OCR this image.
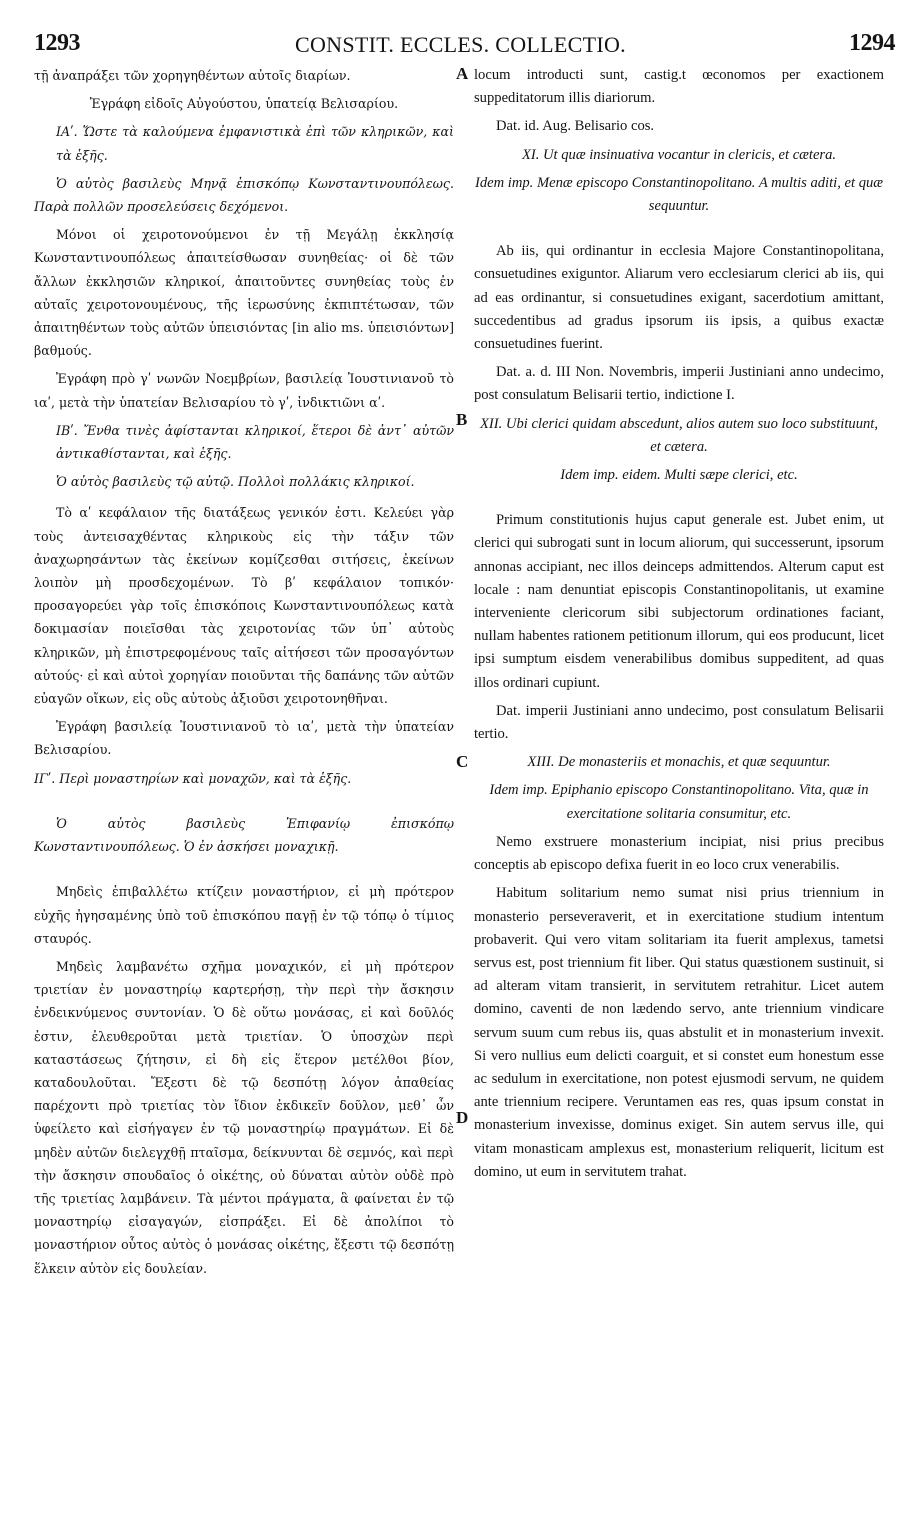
1293	CONSTIT. ECCLES. COLLECTIO.	1294
A
B
C
D

τῇ ἀναπράξει τῶν χορηγηθέντων αὐτοῖς διαρίων.

Ἐγράφη εἰδοῖς Αὐγούστου, ὑπατείᾳ Βελισαρίου.

ΙΑʹ. Ὥστε τὰ καλούμενα ἐμφανιστικὰ ἐπὶ τῶν κληρικῶν, καὶ τὰ ἑξῆς.

Ὁ αὐτὸς βασιλεὺς Μηνᾷ ἐπισκόπῳ Κωνσταντινουπόλεως. Παρὰ πολλῶν προσελεύσεις δεχόμενοι.

Μόνοι οἱ χειροτονούμενοι ἐν τῇ Μεγάλῃ ἐκκλησίᾳ Κωνσταντινουπόλεως ἀπαιτείσθωσαν συνηθείας· οἱ δὲ τῶν ἄλλων ἐκκλησιῶν κληρικοί, ἀπαιτοῦντες συνηθείας τοὺς ἐν αὐταῖς χειροτονουμένους, τῆς ἱερωσύνης ἐκπιπτέτωσαν, τῶν ἀπαιτηθέντων τοὺς αὐτῶν ὑπεισιόντας [in alio ms. ὑπεισιόντων] βαθμούς.

Ἐγράφη πρὸ γʹ νωνῶν Νοεμβρίων, βασιλείᾳ Ἰουστινιανοῦ τὸ ιαʹ, μετὰ τὴν ὑπατείαν Βελισαρίου τὸ γʹ, ἰνδικτιῶνι αʹ.

ΙΒʹ. Ἔνθα τινὲς ἀφίστανται κληρικοί, ἕτεροι δὲ ἀντ᾽ αὐτῶν ἀντικαθίστανται, καὶ ἑξῆς.

Ὁ αὐτὸς βασιλεὺς τῷ αὐτῷ. Πολλοὶ πολλάκις κληρικοί.

Τὸ αʹ κεφάλαιον τῆς διατάξεως γενικόν ἐστι. Κελεύει γὰρ τοὺς ἀντεισαχθέντας κληρικοὺς εἰς τὴν τάξιν τῶν ἀναχωρησάντων τὰς ἐκείνων κομίζεσθαι σιτήσεις, ἐκείνων λοιπὸν μὴ προσδεχομένων. Τὸ βʹ κεφάλαιον τοπικόν· προσαγορεύει γὰρ τοῖς ἐπισκόποις Κωνσταντινουπόλεως κατὰ δοκιμασίαν ποιεῖσθαι τὰς χειροτονίας τῶν ὑπ᾽ αὐτοὺς κληρικῶν, μὴ ἐπιστρεφομένους ταῖς αἰτήσεσι τῶν προσαγόντων αὐτούς· εἰ καὶ αὐτοὶ χορηγίαν ποιοῦνται τῆς δαπάνης τῶν αὐτῶν εὐαγῶν οἴκων, εἰς οὓς αὐτοὺς ἀξιοῦσι χειροτονηθῆναι.

Ἐγράφη βασιλείᾳ Ἰουστινιανοῦ τὸ ιαʹ, μετὰ τὴν ὑπατείαν Βελισαρίου.

ΙΓʹ. Περὶ μοναστηρίων καὶ μοναχῶν, καὶ τὰ ἑξῆς.

Ὁ αὐτὸς βασιλεὺς Ἐπιφανίῳ ἐπισκόπῳ Κωνσταντινουπόλεως. Ὁ ἐν ἀσκήσει μοναχικῇ.

Μηδεὶς ἐπιβαλλέτω κτίζειν μοναστήριον, εἰ μὴ πρότερον εὐχῆς ἡγησαμένης ὑπὸ τοῦ ἐπισκόπου παγῇ ἐν τῷ τόπῳ ὁ τίμιος σταυρός.

Μηδεὶς λαμβανέτω σχῆμα μοναχικόν, εἰ μὴ πρότερον τριετίαν ἐν μοναστηρίῳ καρτερήσῃ, τὴν περὶ τὴν ἄσκησιν ἐνδεικνύμενος συντονίαν. Ὁ δὲ οὕτω μονάσας, εἰ καὶ δοῦλός ἐστιν, ἐλευθεροῦται μετὰ τριετίαν. Ὁ ὑποσχὼν περὶ καταστάσεως ζήτησιν, εἰ δὴ εἰς ἕτερον μετέλθοι βίον, καταδουλοῦται. Ἔξεστι δὲ τῷ δεσπότῃ λόγον ἀπαθείας παρέχοντι πρὸ τριετίας τὸν ἴδιον ἐκδικεῖν δοῦλον, μεθ᾽ ὧν ὑφείλετο καὶ εἰσήγαγεν ἐν τῷ μοναστηρίῳ πραγμάτων. Εἰ δὲ μηδὲν αὐτῶν διελεγχθῇ πταῖσμα, δείκνυνται δὲ σεμνός, καὶ περὶ τὴν ἄσκησιν σπουδαῖος ὁ οἰκέτης, οὐ δύναται αὐτὸν οὐδὲ πρὸ τῆς τριετίας λαμβάνειν. Τὰ μέντοι πράγματα, ἃ φαίνεται ἐν τῷ μοναστηρίῳ εἰσαγαγών, εἰσπράξει. Εἰ δὲ ἀπολίποι τὸ μοναστήριον οὗτος αὐτὸς ὁ μονάσας οἰκέτης, ἔξεστι τῷ δεσπότῃ ἕλκειν αὐτὸν εἰς δουλείαν.

locum introducti sunt, castig.t œconomos per exactionem suppeditatorum illis diariorum.

Dat. id. Aug. Belisario cos.

XI. Ut quæ insinuativa vocantur in clericis, et cætera.

Idem imp. Menæ episcopo Constantinopolitano. A multis aditi, et quæ sequuntur.

Ab iis, qui ordinantur in ecclesia Majore Constantinopolitana, consuetudines exiguntor. Aliarum vero ecclesiarum clerici ab iis, qui ad eas ordinantur, si consuetudines exigant, sacerdotium amittant, succedentibus ad gradus ipsorum iis ipsis, a quibus exactæ consuetudines fuerint.

Dat. a. d. III Non. Novembris, imperii Justiniani anno undecimo, post consulatum Belisarii tertio, indictione I.

XII. Ubi clerici quidam abscedunt, alios autem suo loco substituunt, et cætera.

Idem imp. eidem. Multi sæpe clerici, etc.

Primum constitutionis hujus caput generale est. Jubet enim, ut clerici qui subrogati sunt in locum aliorum, qui successerunt, ipsorum annonas accipiant, nec illos deinceps admittendos. Alterum caput est locale : nam denuntiat episcopis Constantinopolitanis, ut examine interveniente clericorum sibi subjectorum ordinationes faciant, nullam habentes rationem petitionum illorum, qui eos producunt, licet ipsi sumptum eisdem venerabilibus domibus suppeditent, ad quas illos ordinari cupiunt.

Dat. imperii Justiniani anno undecimo, post consulatum Belisarii tertio.

XIII. De monasteriis et monachis, et quæ sequuntur.

Idem imp. Epiphanio episcopo Constantinopolitano. Vita, quæ in exercitatione solitaria consumitur, etc.

Nemo exstruere monasterium incipiat, nisi prius precibus conceptis ab episcopo defixa fuerit in eo loco crux venerabilis.

Habitum solitarium nemo sumat nisi prius triennium in monasterio perseveraverit, et in exercitatione studium intentum probaverit. Qui vero vitam solitariam ita fuerit amplexus, tametsi servus est, post triennium fit liber. Qui status quæstionem sustinuit, si ad alteram vitam transierit, in servitutem retrahitur. Licet autem domino, caventi de non lædendo servo, ante triennium vindicare servum suum cum rebus iis, quas abstulit et in monasterium invexit. Si vero nullius eum delicti coarguit, et si constet eum honestum esse ac sedulum in exercitatione, non potest ejusmodi servum, ne quidem ante triennium recipere. Veruntamen eas res, quas ipsum constat in monasterium invexisse, dominus exiget. Sin autem servus ille, qui vitam monasticam amplexus est, monasterium reliquerit, licitum est domino, ut eum in servitutem trahat.
